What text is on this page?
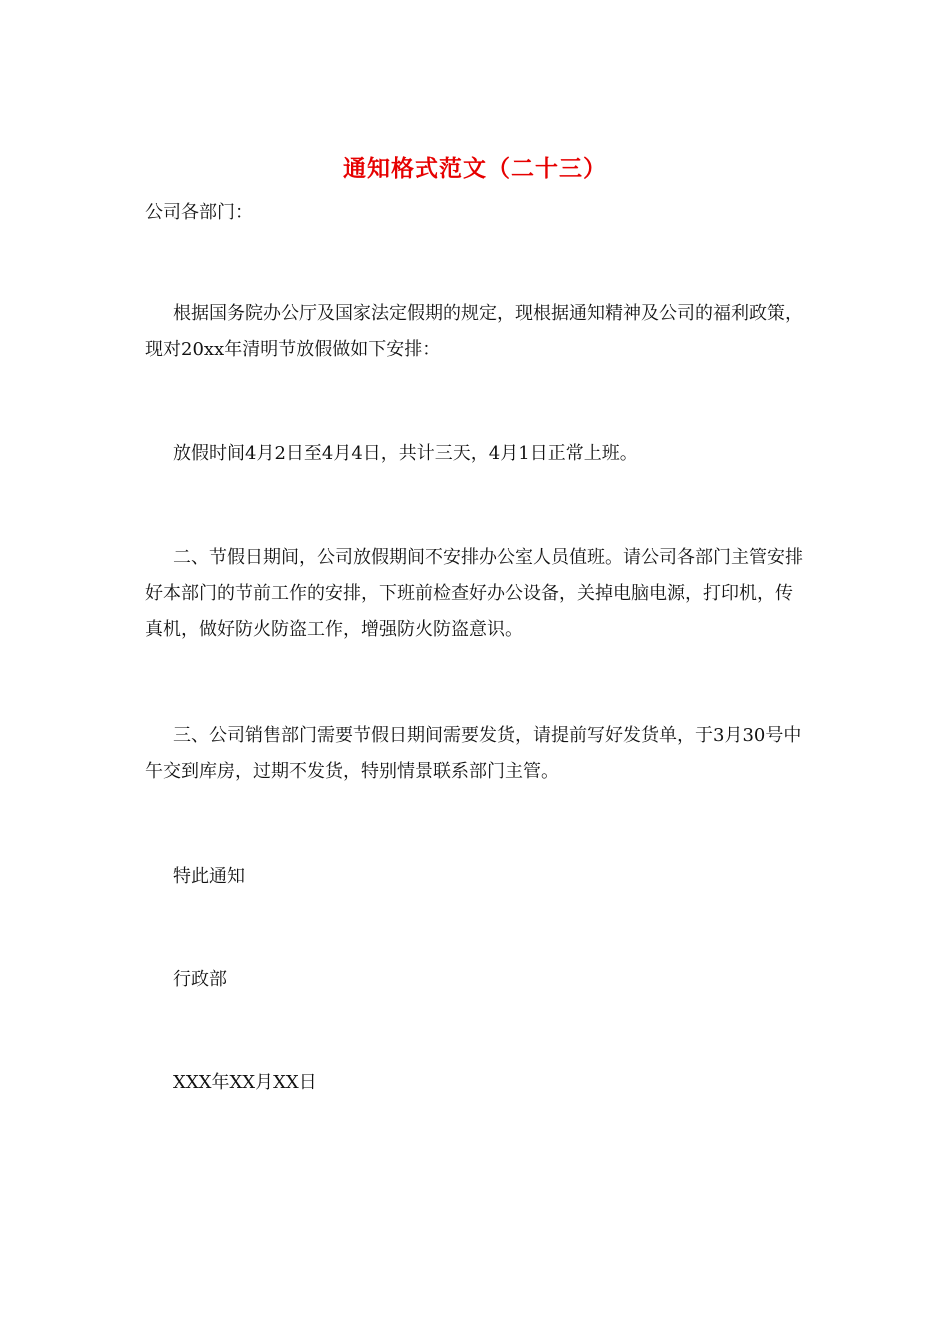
通知格式范文（二十三）
公司各部门：
根据国务院办公厅及国家法定假期的规定，现根据通知精神及公司的福利政策，现对20xx年清明节放假做如下安排：
放假时间4月2日至4月4日，共计三天，4月1日正常上班。
二、节假日期间，公司放假期间不安排办公室人员值班。请公司各部门主管安排好本部门的节前工作的安排，下班前检查好办公设备，关掉电脑电源，打印机，传真机，做好防火防盗工作，增强防火防盗意识。
三、公司销售部门需要节假日期间需要发货，请提前写好发货单，于3月30号中午交到库房，过期不发货，特别情景联系部门主管。
特此通知
行政部
XXX年XX月XX日
